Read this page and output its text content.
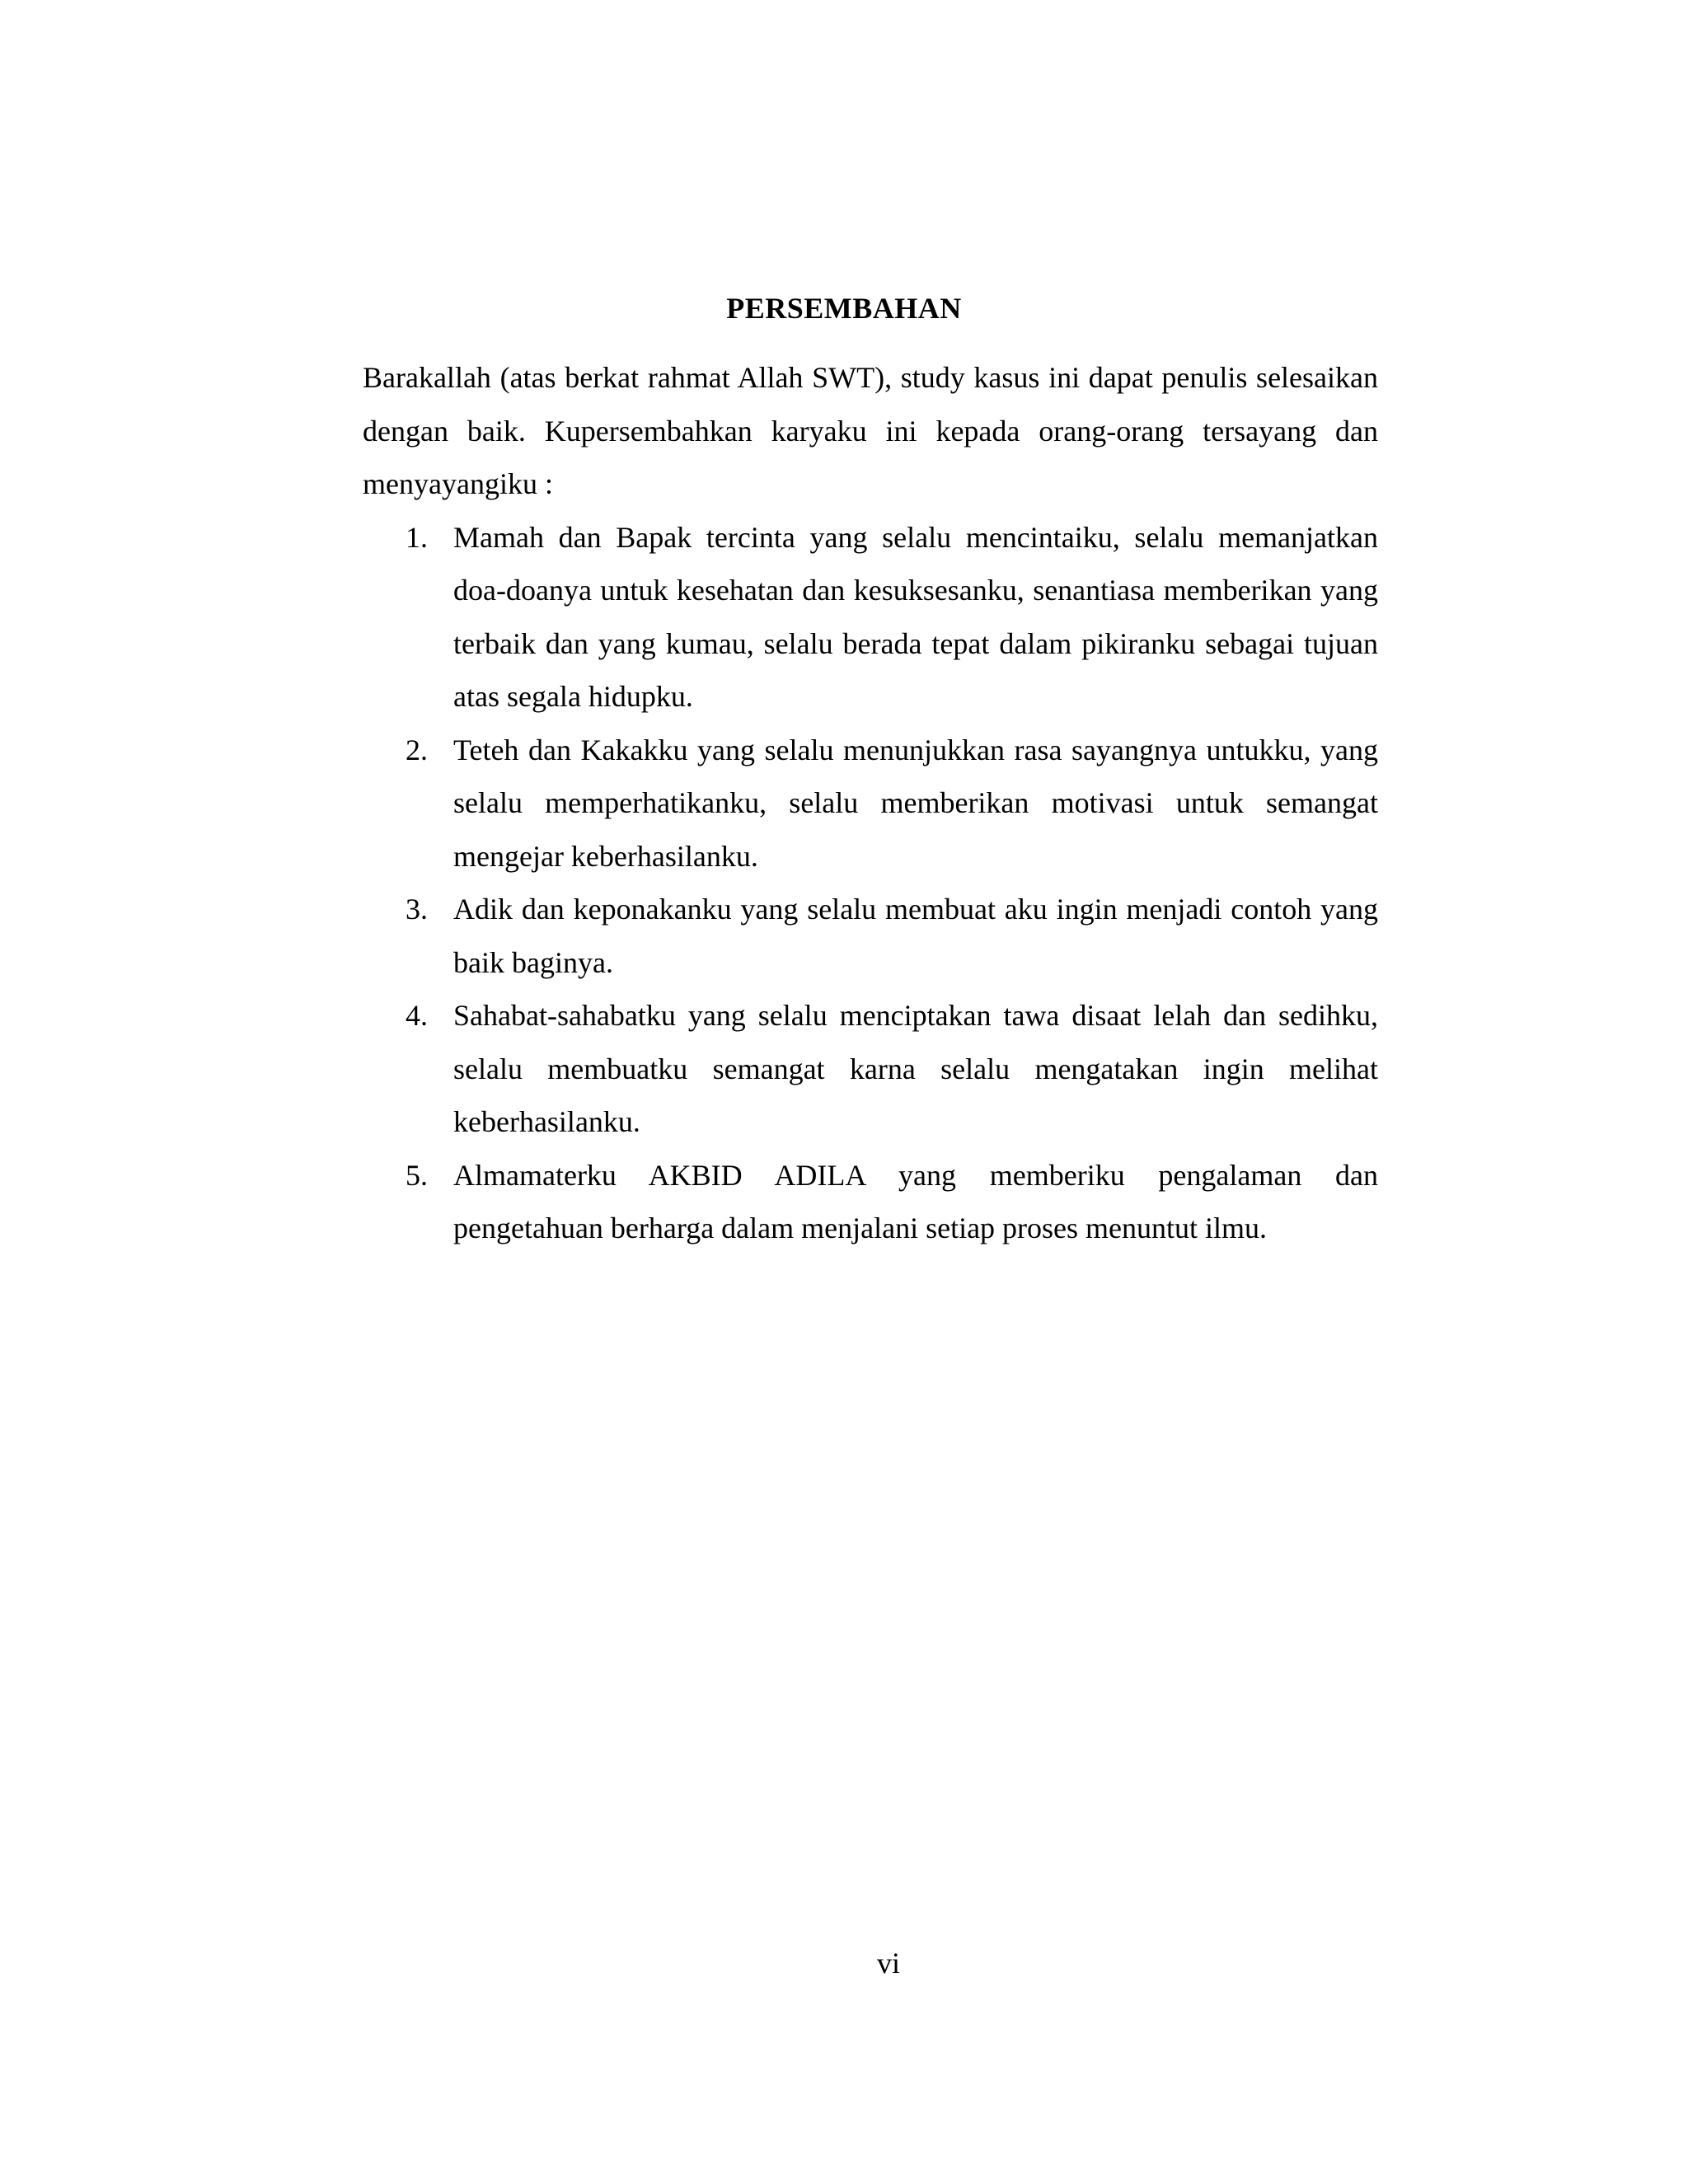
PERSEMBAHAN

Barakallah (atas berkat rahmat Allah SWT), study kasus ini dapat penulis selesaikan dengan baik. Kupersembahkan karyaku ini kepada orang-orang tersayang dan menyayangiku :

1. Mamah dan Bapak tercinta yang selalu mencintaiku, selalu memanjatkan doa-doanya untuk kesehatan dan kesuksesanku, senantiasa memberikan yang terbaik dan yang kumau, selalu berada tepat dalam pikiranku sebagai tujuan atas segala hidupku.
2. Teteh dan Kakakku yang selalu menunjukkan rasa sayangnya untukku, yang selalu memperhatikanku, selalu memberikan motivasi untuk semangat mengejar keberhasilanku.
3. Adik dan keponakanku yang selalu membuat aku ingin menjadi contoh yang baik baginya.
4. Sahabat-sahabatku yang selalu menciptakan tawa disaat lelah dan sedihku, selalu membuatku semangat karna selalu mengatakan ingin melihat keberhasilanku.
5. Almamaterku AKBID ADILA yang memberiku pengalaman dan pengetahuan berharga dalam menjalani setiap proses menuntut ilmu.
vi
